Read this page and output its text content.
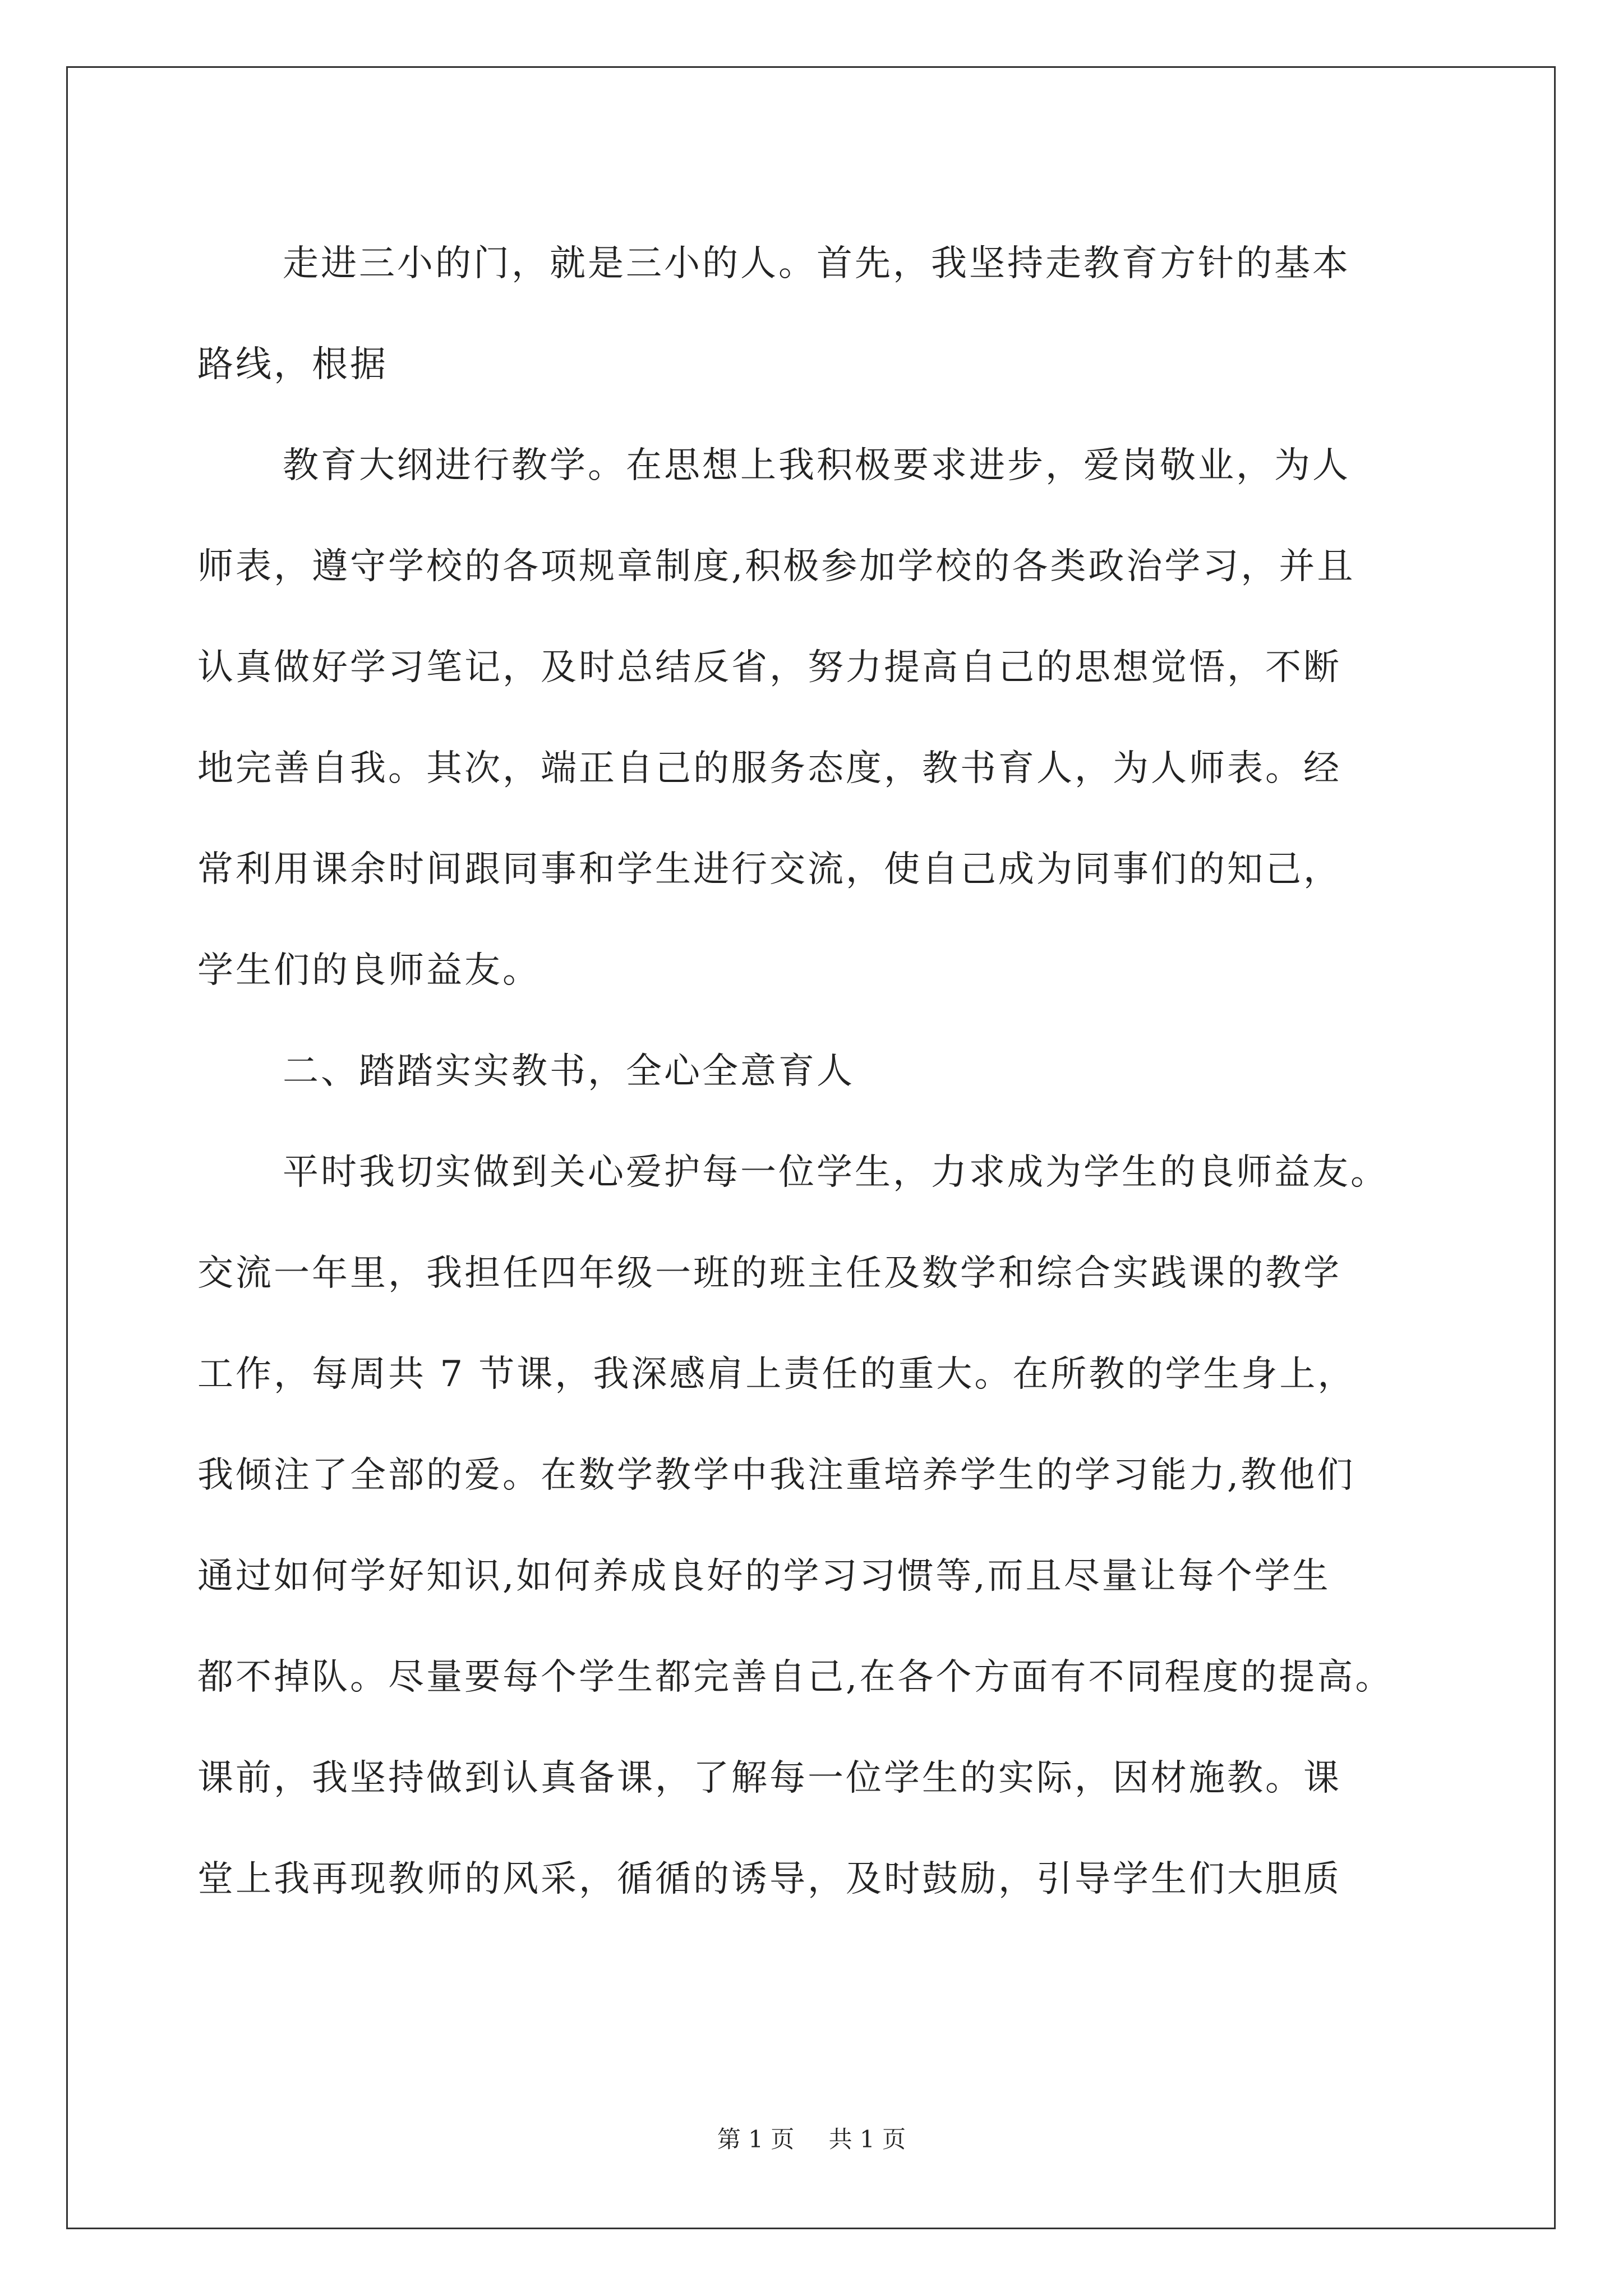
走进三小的门，就是三小的人。首先，我坚持走教育方针的基本
路线，根据
教育大纲进行教学。在思想上我积极要求进步，爱岗敬业，为人
师表，遵守学校的各项规章制度,积极参加学校的各类政治学习，并且
认真做好学习笔记，及时总结反省，努力提高自己的思想觉悟，不断
地完善自我。其次，端正自己的服务态度，教书育人，为人师表。经
常利用课余时间跟同事和学生进行交流，使自己成为同事们的知己，
学生们的良师益友。
二、踏踏实实教书，全心全意育人
平时我切实做到关心爱护每一位学生，力求成为学生的良师益友。
交流一年里，我担任四年级一班的班主任及数学和综合实践课的教学
工作，每周共 7 节课，我深感肩上责任的重大。在所教的学生身上，
我倾注了全部的爱。在数学教学中我注重培养学生的学习能力,教他们
通过如何学好知识,如何养成良好的学习习惯等,而且尽量让每个学生
都不掉队。尽量要每个学生都完善自己,在各个方面有不同程度的提高。
课前，我坚持做到认真备课，了解每一位学生的实际，因材施教。课
堂上我再现教师的风采，循循的诱导，及时鼓励，引导学生们大胆质
第 1 页 共 1 页
